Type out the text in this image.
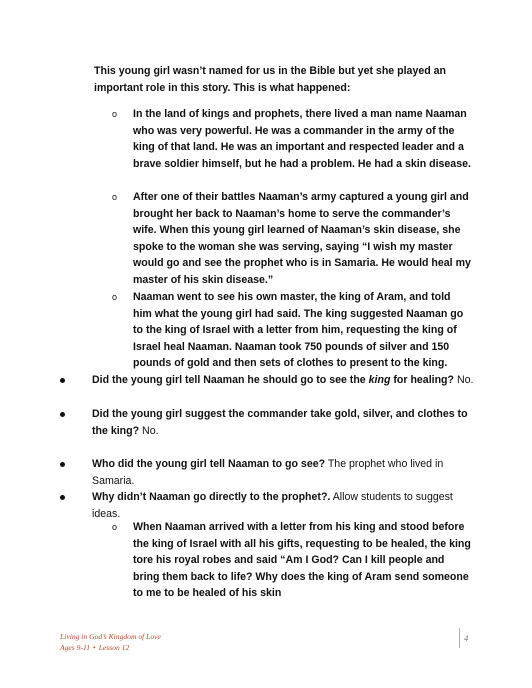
This young girl wasn’t named for us in the Bible but yet she played an important role in this story. This is what happened:
o In the land of kings and prophets, there lived a man name Naaman who was very powerful. He was a commander in the army of the king of that land. He was an important and respected leader and a brave soldier himself, but he had a problem. He had a skin disease.
o After one of their battles Naaman’s army captured a young girl and brought her back to Naaman’s home to serve the commander’s wife. When this young girl learned of Naaman’s skin disease, she spoke to the woman she was serving, saying “I wish my master would go and see the prophet who is in Samaria. He would heal my master of his skin disease.”
o Naaman went to see his own master, the king of Aram, and told him what the young girl had said. The king suggested Naaman go to the king of Israel with a letter from him, requesting the king of Israel heal Naaman. Naaman took 750 pounds of silver and 150 pounds of gold and then sets of clothes to present to the king.
Did the young girl tell Naaman he should go to see the king for healing? No.
Did the young girl suggest the commander take gold, silver, and clothes to the king? No.
Who did the young girl tell Naaman to go see? The prophet who lived in Samaria.
Why didn’t Naaman go directly to the prophet?. Allow students to suggest ideas.
o When Naaman arrived with a letter from his king and stood before the king of Israel with all his gifts, requesting to be healed, the king tore his royal robes and said “Am I God? Can I kill people and bring them back to life? Why does the king of Aram send someone to me to be healed of his skin
Living in God’s Kingdom of Love
Ages 9-11 • Lesson 12
4
